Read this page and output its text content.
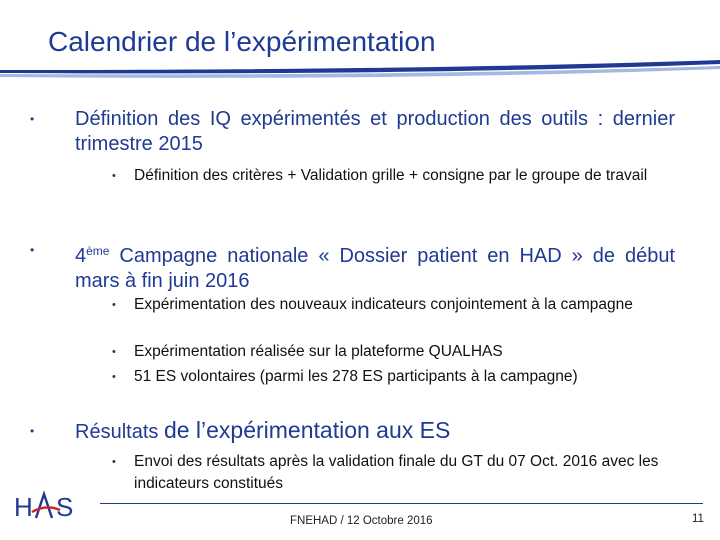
Calendrier de l’expérimentation
• Définition des IQ expérimentés et production des outils : dernier trimestre 2015
• Définition des critères + Validation grille + consigne par le groupe de travail
• 4ème Campagne nationale « Dossier patient en HAD » de début mars à fin juin 2016
• Expérimentation des nouveaux indicateurs conjointement à la campagne
• Expérimentation réalisée sur la plateforme QUALHAS
• 51 ES volontaires (parmi les 278 ES participants à la campagne)
• Résultats de l’expérimentation aux ES
• Envoi des résultats après la validation finale du GT du 07 Oct. 2016 avec les indicateurs constitués
H S	FNEHAD / 12 Octobre 2016	11
